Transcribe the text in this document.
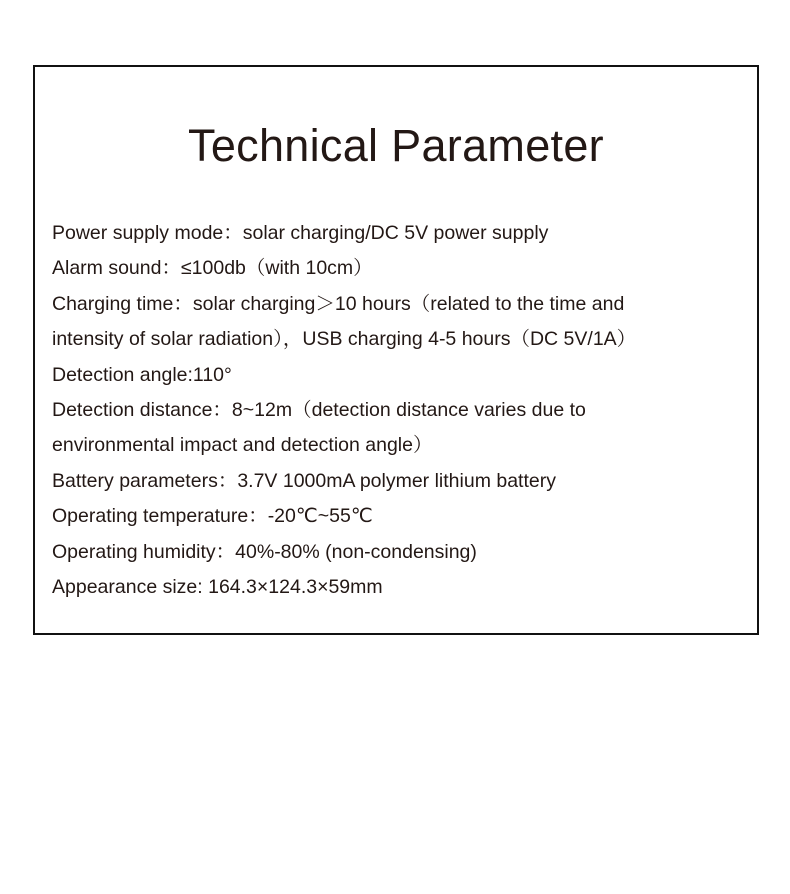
Technical Parameter
Power supply mode：solar charging/DC 5V power supply
Alarm sound：≤100db（with 10cm）
Charging time：solar charging＞10 hours（related to the time and
intensity of solar radiation），USB charging 4-5 hours（DC 5V/1A）
Detection angle:110°
Detection distance：8~12m（detection distance varies due to
environmental impact and detection angle）
Battery parameters：3.7V 1000mA polymer lithium battery
Operating temperature：-20℃~55℃
Operating humidity：40%-80% (non-condensing)
Appearance size: 164.3×124.3×59mm
